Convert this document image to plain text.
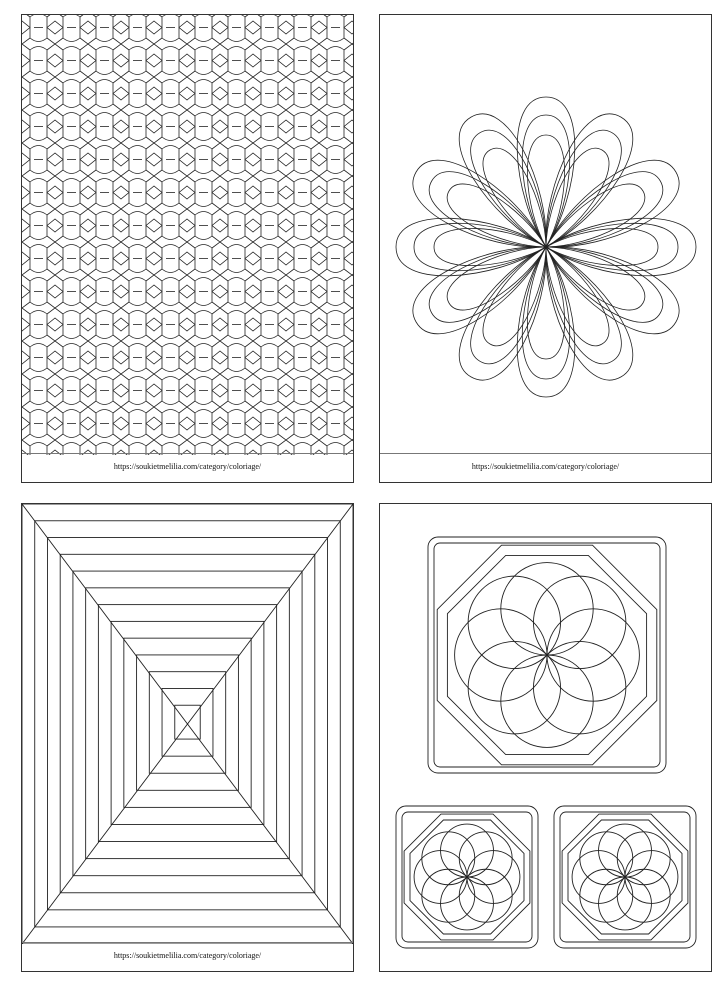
https://soukietmelilia.com/category/coloriage/	https://soukietmelilia.com/category/coloriage/
https://soukietmelilia.com/category/coloriage/
